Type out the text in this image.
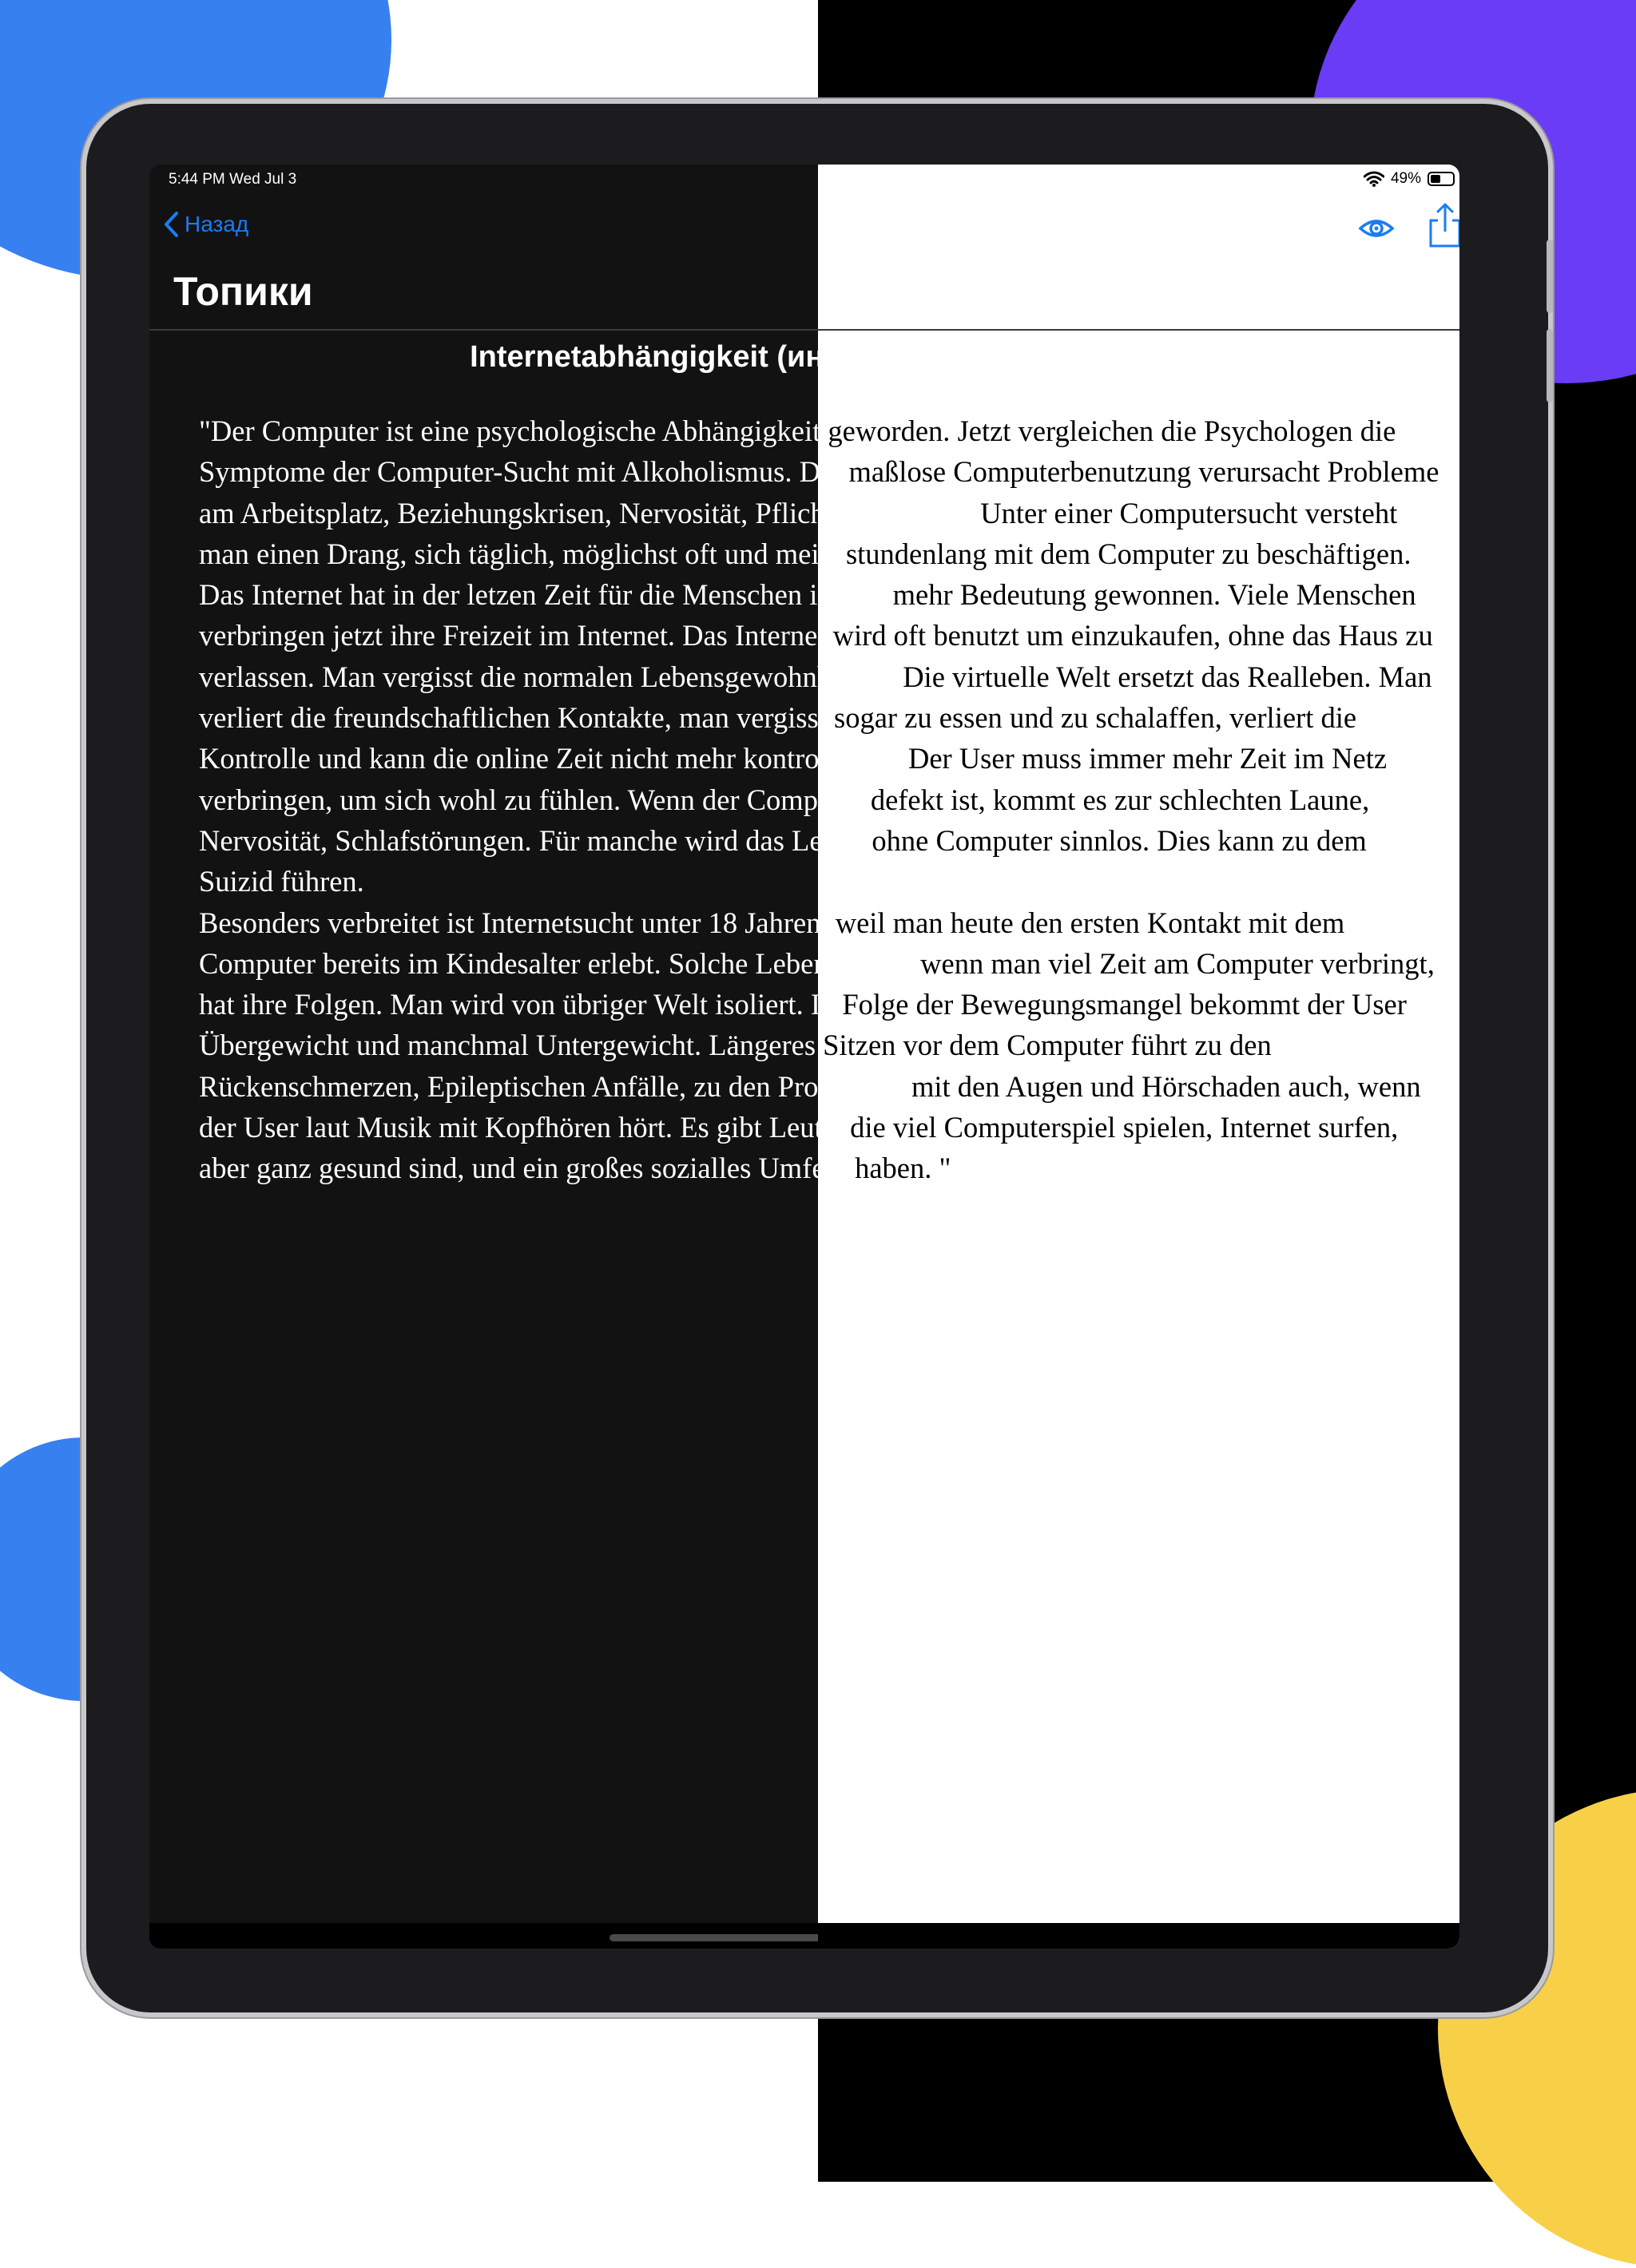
5:44 PM Wed Jul 3	49%
Назад
Топики
Internetabhängigkeit (интернет-зависимость)

"Der Computer ist eine psychologische Abhängigkeit geworden. Jetzt vergleichen die Psychologen die Symptome der Computer-Sucht mit Alkoholismus. Die maßlose Computerbenutzung verursacht Probleme am Arbeitsplatz, Beziehungskrisen, Nervosität, Pflichtversäumnis. Unter einer Computersucht versteht man einen Drang, sich täglich, möglichst oft und meist stundenlang mit dem Computer zu beschäftigen.

Das Internet hat in der letzen Zeit für die Menschen immer mehr Bedeutung gewonnen. Viele Menschen verbringen jetzt ihre Freizeit im Internet. Das Internet wird oft benutzt um einzukaufen, ohne das Haus zu verlassen. Man vergisst die normalen Lebensgewohnheiten. Die virtuelle Welt ersetzt das Realleben. Man verliert die freundschaftlichen Kontakte, man vergisst sogar zu essen und zu schalaffen, verliert die Kontrolle und kann die online Zeit nicht mehr kontrollieren. Der User muss immer mehr Zeit im Netz verbringen, um sich wohl zu fühlen. Wenn der Computer defekt ist, kommt es zur schlechten Laune, Nervosität, Schlafstörungen. Für manche wird das Leben ohne Computer sinnlos. Dies kann zu dem Suizid führen.

Besonders verbreitet ist Internetsucht unter 18 Jahren, weil man heute den ersten Kontakt mit dem Computer bereits im Kindesalter erlebt. Solche Lebensweise, wenn man viel Zeit am Computer verbringt, hat ihre Folgen. Man wird von übriger Welt isoliert. In Folge der Bewegungsmangel bekommt der User Übergewicht und manchmal Untergewicht. Längeres Sitzen vor dem Computer führt zu den Rückenschmerzen, Epileptischen Anfälle, zu den Problemen mit den Augen und Hörschaden auch, wenn der User laut Musik mit Kopfhören hört. Es gibt Leute, die viel Computerspiel spielen, Internet surfen, aber ganz gesund sind, und ein großes sozialles Umfeld haben. "
